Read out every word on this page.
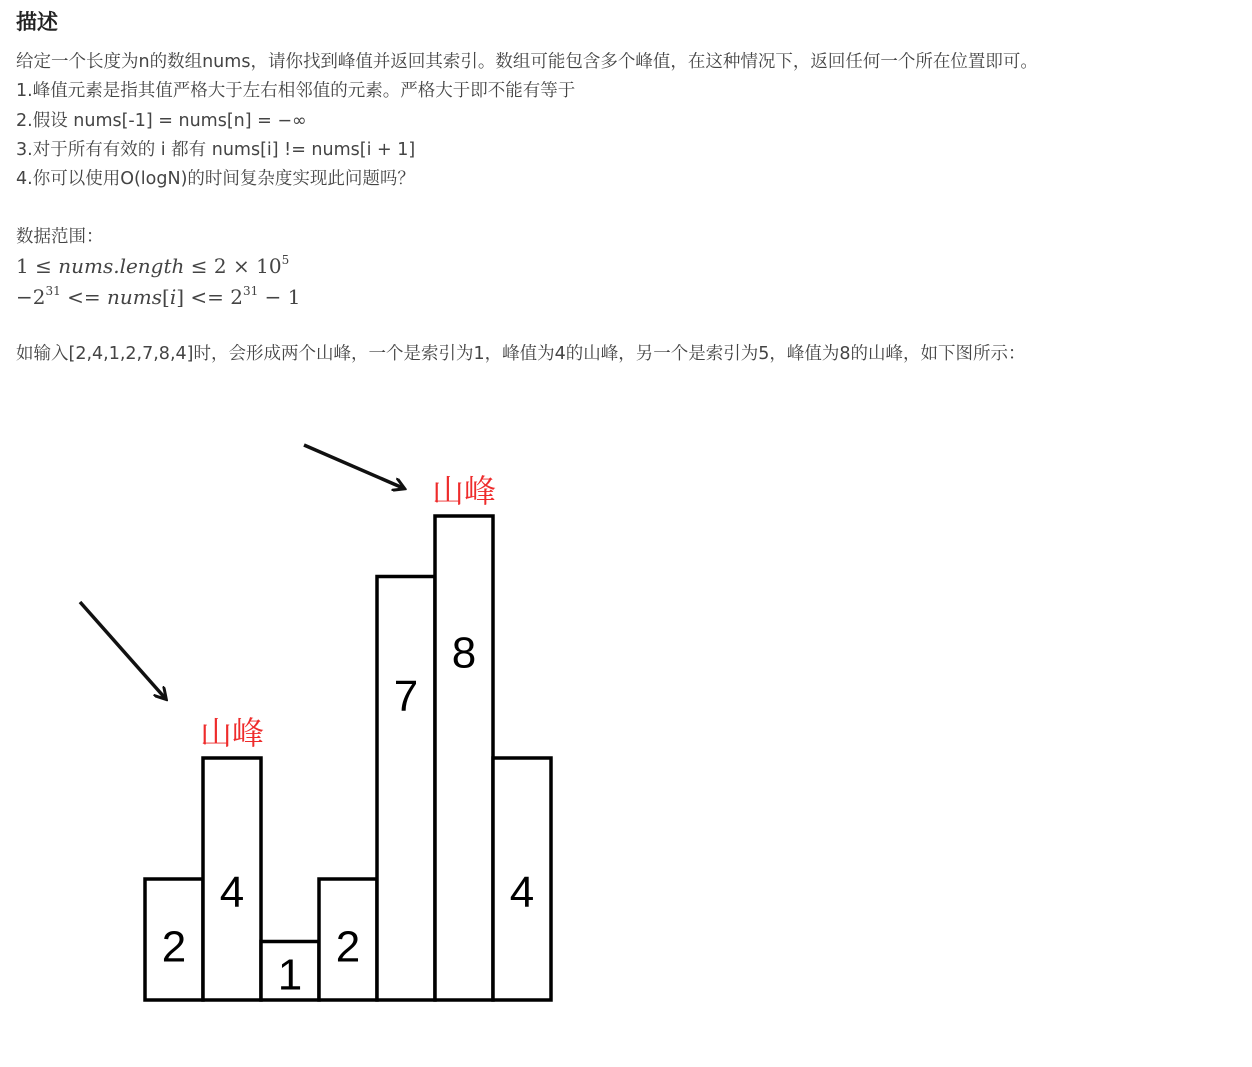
描述
给定一个长度为n的数组nums，请你找到峰值并返回其索引。数组可能包含多个峰值，在这种情况下，返回任何一个所在位置即可。
1.峰值元素是指其值严格大于左右相邻值的元素。严格大于即不能有等于
2.假设 nums[-1] = nums[n] = −∞
3.对于所有有效的 i 都有 nums[i] != nums[i + 1]
4.你可以使用O(logN)的时间复杂度实现此问题吗？
数据范围：
1 ≤ nums.length ≤ $2 \times 10^5$
$-2^{31}$ <= nums[i] <= $2^{31} - 1$
如输入[2,4,1,2,7,8,4]时，会形成两个山峰，一个是索引为1，峰值为4的山峰，另一个是索引为5，峰值为8的山峰，如下图所示：
2
4
1
2
7
8
4
山峰
山峰
